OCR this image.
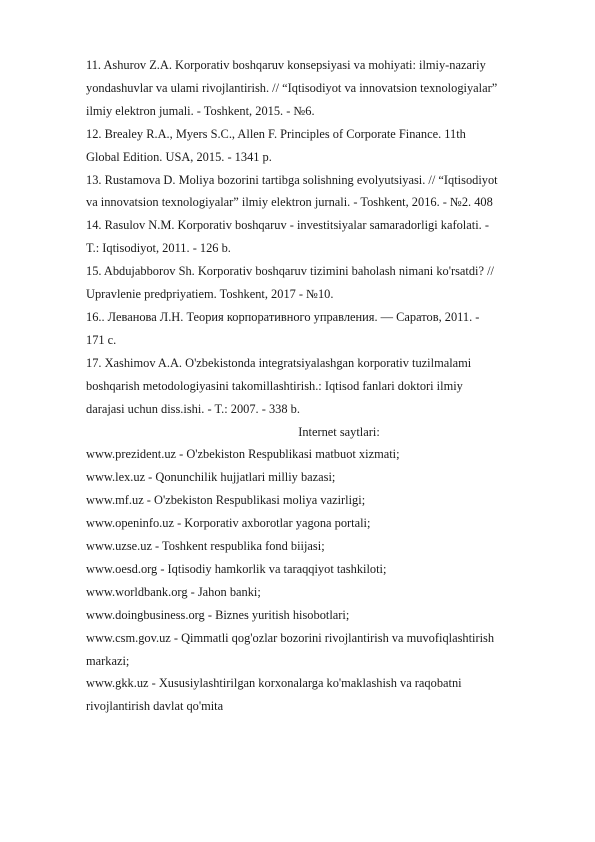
11. Ashurov Z.A. Korporativ boshqaruv konsepsiyasi va mohiyati: ilmiy-nazariy
yondashuvlar va ulami rivojlantirish. // “Iqtisodiyot va innovatsion texnologiyalar”
ilmiy elektron jumali. - Toshkent, 2015. - №6.
12. Brealey R.A., Myers S.C., Allen F. Principles of Corporate Finance. 11th
Global Edition. USA, 2015. - 1341 p.
13. Rustamova D. Moliya bozorini tartibga solishning evolyutsiyasi. // “Iqtisodiyot
va innovatsion texnologiyalar” ilmiy elektron jurnali. - Toshkent, 2016. - №2. 408
14. Rasulov N.M. Korporativ boshqaruv - investitsiyalar samaradorligi kafolati. -
T.: Iqtisodiyot, 2011. - 126 b.
15. Abdujabborov Sh. Korporativ boshqaruv tizimini baholash nimani ko'rsatdi? //
Upravlenie predpriyatiem. Toshkent, 2017 - №10.
16.. Леванова Л.Н. Теория корпоративного управления. — Саратов, 2011. -
171 с.
17. Xashimov A.A. O'zbekistonda integratsiyalashgan korporativ tuzilmalami
boshqarish metodologiyasini takomillashtirish.: Iqtisod fanlari doktori ilmiy
darajasi uchun diss.ishi. - T.: 2007. - 338 b.
Internet saytlari:
www.prezident.uz - O'zbekiston Respublikasi matbuot xizmati;
www.lex.uz - Qonunchilik hujjatlari milliy bazasi;
www.mf.uz - O'zbekiston Respublikasi moliya vazirligi;
www.openinfo.uz - Korporativ axborotlar yagona portali;
www.uzse.uz - Toshkent respublika fond biijasi;
www.oesd.org - Iqtisodiy hamkorlik va taraqqiyot tashkiloti;
www.worldbank.org - Jahon banki;
www.doingbusiness.org - Biznes yuritish hisobotlari;
www.csm.gov.uz - Qimmatli qog'ozlar bozorini rivojlantirish va muvofiqlashtirish
markazi;
www.gkk.uz - Xususiylashtirilgan korxonalarga ko'maklashish va raqobatni
rivojlantirish davlat qo'mita
